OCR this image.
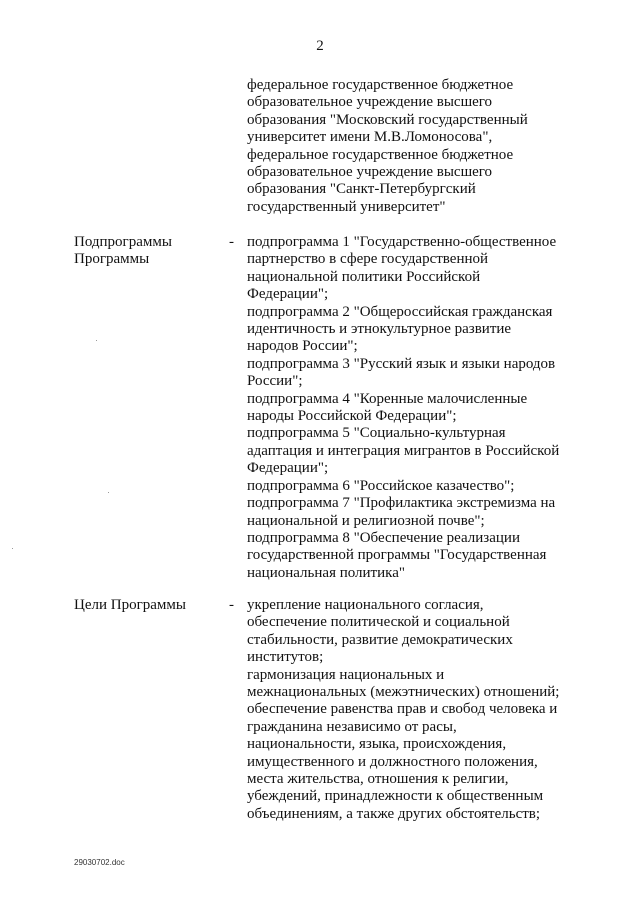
2
федеральное государственное бюджетное
образовательное учреждение высшего
образования "Московский государственный
университет имени М.В.Ломоносова",
федеральное государственное бюджетное
образовательное учреждение высшего
образования "Санкт-Петербургский
государственный университет"
Подпрограммы
Программы
- подпрограмма 1 "Государственно-общественное
партнерство в сфере государственной
национальной политики Российской
Федерации";
подпрограмма 2 "Общероссийская гражданская
идентичность и этнокультурное развитие
народов России";
подпрограмма 3 "Русский язык и языки народов
России";
подпрограмма 4 "Коренные малочисленные
народы Российской Федерации";
подпрограмма 5 "Социально-культурная
адаптация и интеграция мигрантов в Российской
Федерации";
подпрограмма 6 "Российское казачество";
подпрограмма 7 "Профилактика экстремизма на
национальной и религиозной почве";
подпрограмма 8 "Обеспечение реализации
государственной программы "Государственная
национальная политика"
Цели Программы	- укрепление национального согласия,
обеспечение политической и социальной
стабильности, развитие демократических
институтов;
гармонизация национальных и
межнациональных (межэтнических) отношений;
обеспечение равенства прав и свобод человека и
гражданина независимо от расы,
национальности, языка, происхождения,
имущественного и должностного положения,
места жительства, отношения к религии,
убеждений, принадлежности к общественным
объединениям, а также других обстоятельств;
29030702.doc
